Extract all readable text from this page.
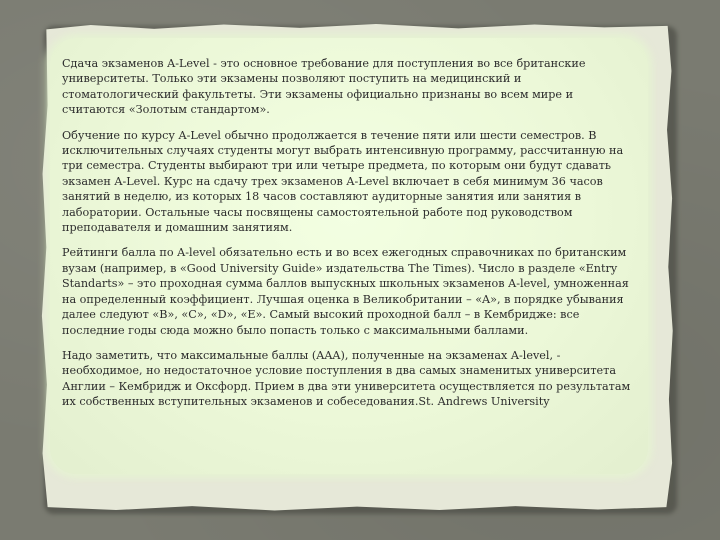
Сдача экзаменов A-Level - это основное требование для поступления во все британские университеты. Только эти экзамены позволяют поступить на медицинский и стоматологический факультеты. Эти экзамены официально признаны во всем мире и считаются «Золотым стандартом».

Обучение по курсу A-Level обычно продолжается в течение пяти или шести семестров. В исключительных случаях студенты могут выбрать интенсивную программу, рассчитанную на три семестра. Студенты выбирают три или четыре предмета, по которым они будут сдавать экзамен A-Level. Курс на сдачу трех экзаменов A-Level включает в себя минимум 36 часов занятий в неделю, из которых 18 часов составляют аудиторные занятия или занятия в лаборатории. Остальные часы посвящены самостоятельной работе под руководством преподавателя и домашним занятиям.

Рейтинги балла по A-level обязательно есть и во всех ежегодных справочниках по британским вузам (например, в «Good University Guide» издательства The Times). Число в разделе «Entry Standarts» – это проходная сумма баллов выпускных школьных экзаменов A-level, умноженная на определенный коэффициент. Лучшая оценка в Великобритании – «A», в порядке убывания далее следуют «B», «C», «D», «E». Самый высокий проходной балл – в Кембридже: все последние годы сюда можно было попасть только с максимальными баллами.

Надо заметить, что максимальные баллы (AAA), полученные на экзаменах A-level, - необходимое, но недостаточное условие поступления в два самых знаменитых университета Англии – Кембридж и Оксфорд. Прием в два эти университета осуществляется по результатам их собственных вступительных экзаменов и собеседования.St. Andrews University
